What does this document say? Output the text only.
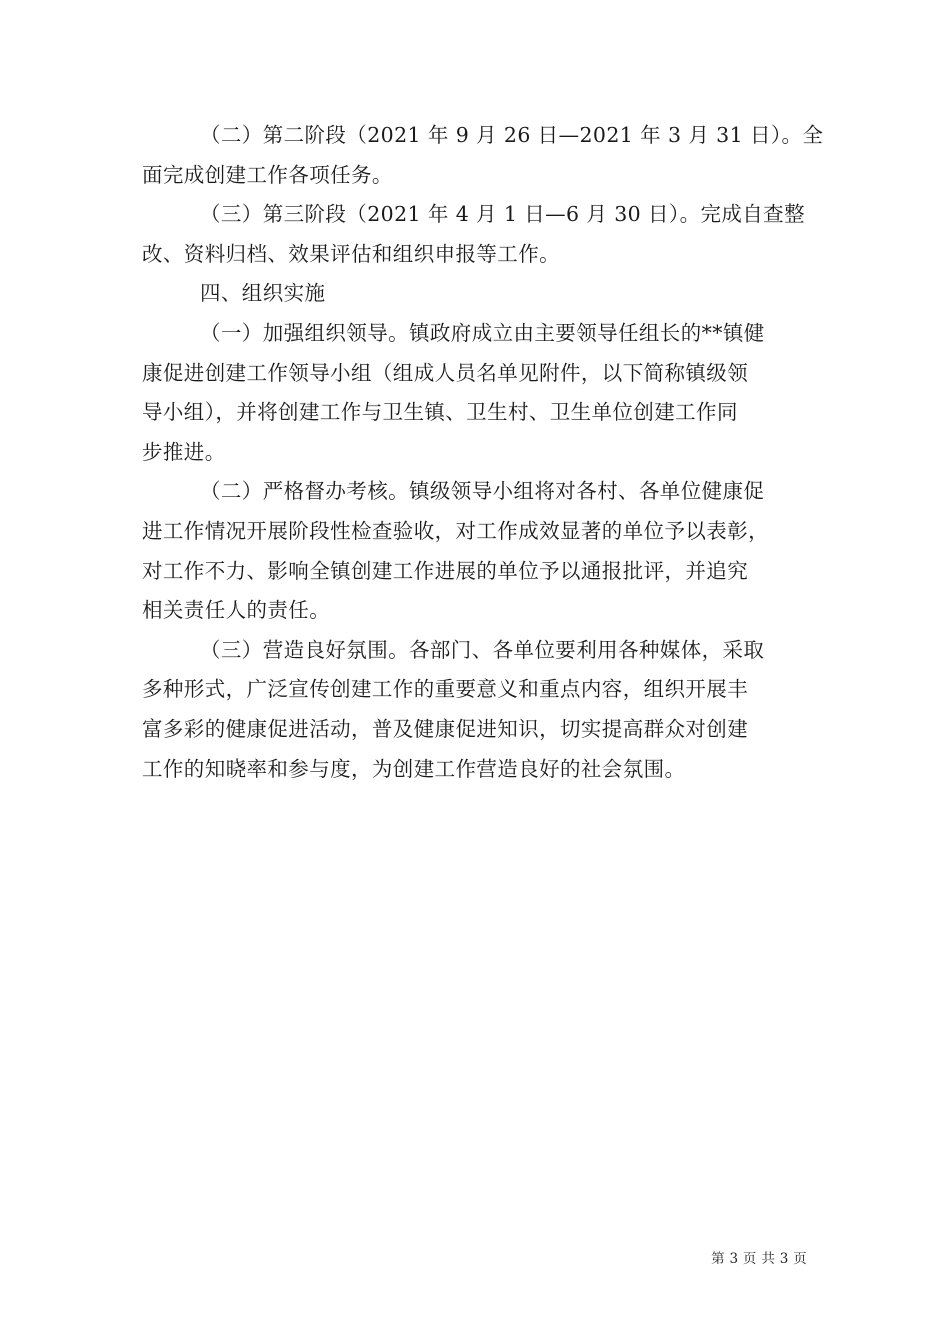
（二）第二阶段（2021 年 9 月 26 日—2021 年 3 月 31 日）。全
面完成创建工作各项任务。
（三）第三阶段（2021 年 4 月 1 日—6 月 30 日）。完成自查整
改、资料归档、效果评估和组织申报等工作。
四、组织实施
（一）加强组织领导。镇政府成立由主要领导任组长的**镇健
康促进创建工作领导小组（组成人员名单见附件，以下简称镇级领
导小组），并将创建工作与卫生镇、卫生村、卫生单位创建工作同
步推进。
（二）严格督办考核。镇级领导小组将对各村、各单位健康促
进工作情况开展阶段性检查验收，对工作成效显著的单位予以表彰，
对工作不力、影响全镇创建工作进展的单位予以通报批评，并追究
相关责任人的责任。
（三）营造良好氛围。各部门、各单位要利用各种媒体，采取
多种形式，广泛宣传创建工作的重要意义和重点内容，组织开展丰
富多彩的健康促进活动，普及健康促进知识，切实提高群众对创建
工作的知晓率和参与度，为创建工作营造良好的社会氛围。
第 3 页 共 3 页
